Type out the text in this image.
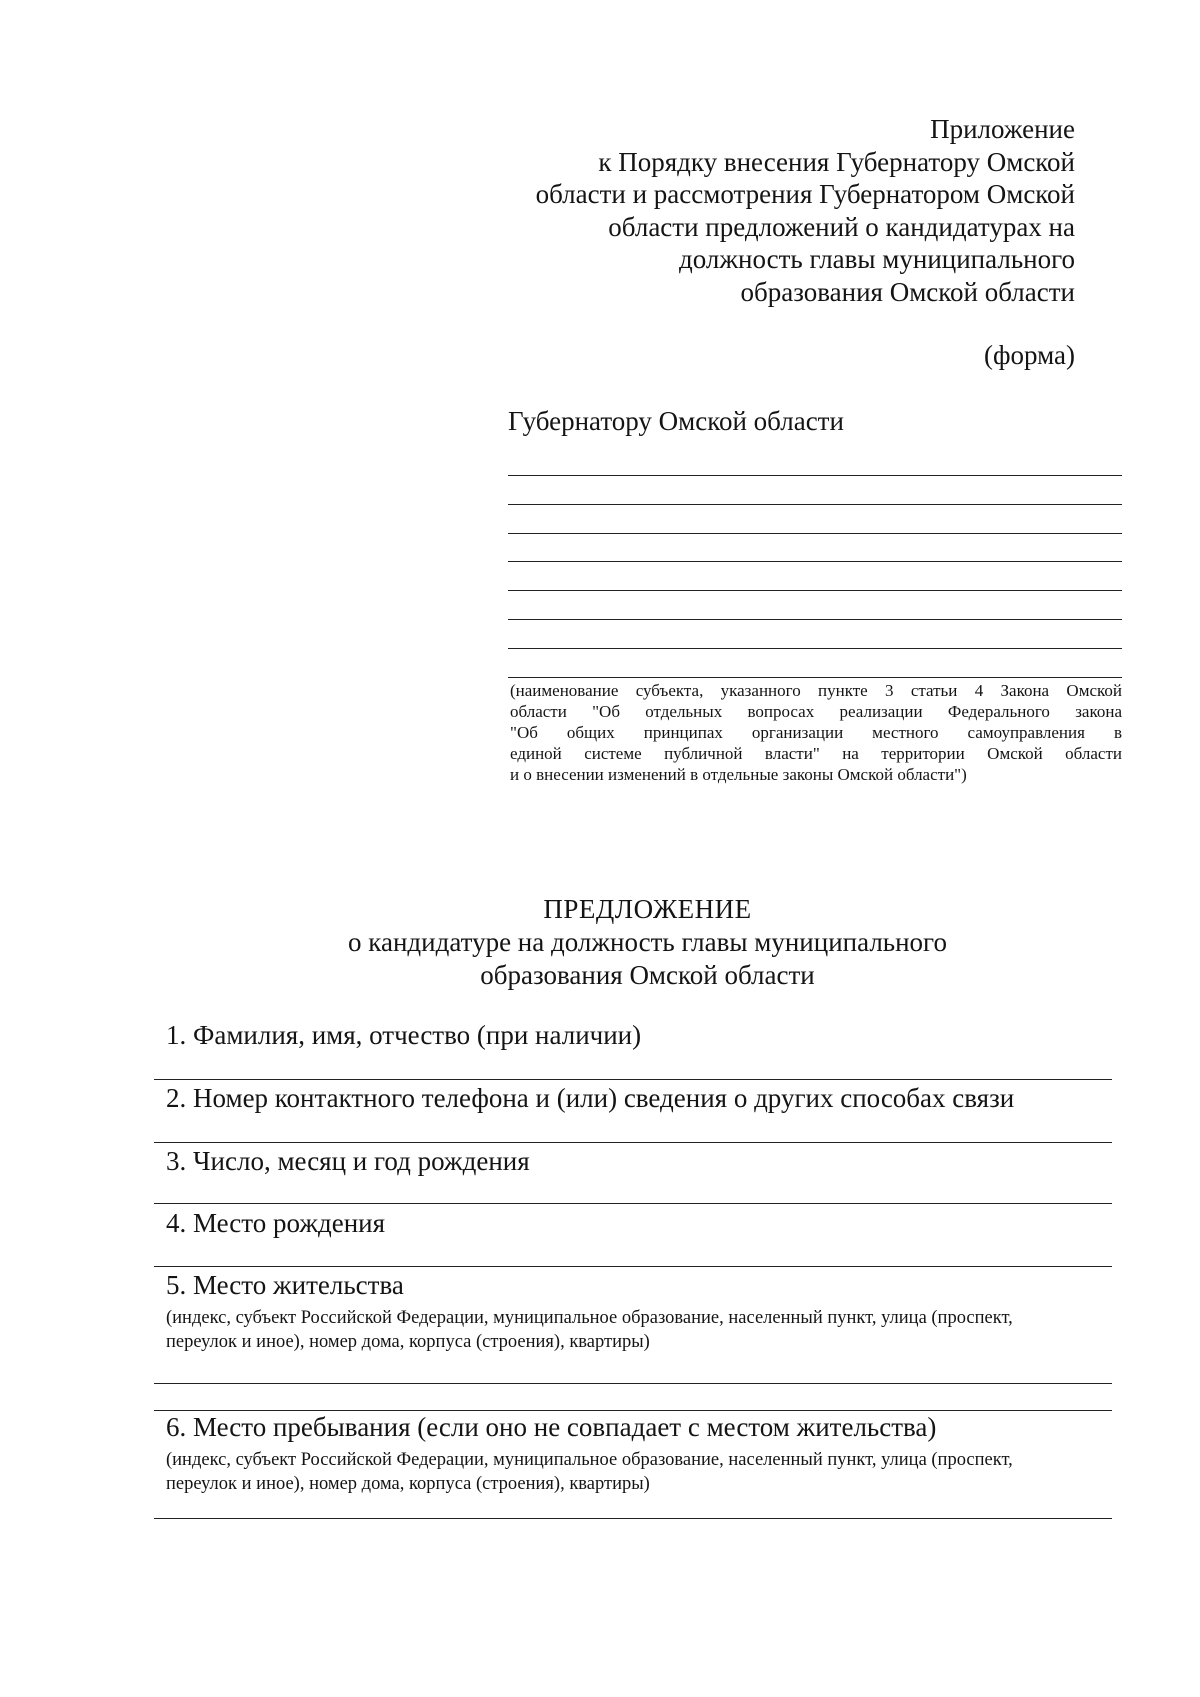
Приложение
к Порядку внесения Губернатору Омской
области и рассмотрения Губернатором Омской
области предложений о кандидатурах на
должность главы муниципального
образования Омской области
(форма)
Губернатору Омской области
(наименование субъекта, указанного пункте 3 статьи 4 Закона Омской
области "Об отдельных вопросах реализации Федерального закона
"Об общих принципах организации местного самоуправления в
единой системе публичной власти" на территории Омской области
и о внесении изменений в отдельные законы Омской области")
ПРЕДЛОЖЕНИЕ
о кандидатуре на должность главы муниципального
образования Омской области
1. Фамилия, имя, отчество (при наличии)
2. Номер контактного телефона и (или) сведения о других способах связи
3. Число, месяц и год рождения
4. Место рождения
5. Место жительства
(индекс, субъект Российской Федерации, муниципальное образование, населенный пункт, улица (проспект,
переулок и иное), номер дома, корпуса (строения), квартиры)
6. Место пребывания (если оно не совпадает с местом жительства)
(индекс, субъект Российской Федерации, муниципальное образование, населенный пункт, улица (проспект,
переулок и иное), номер дома, корпуса (строения), квартиры)
